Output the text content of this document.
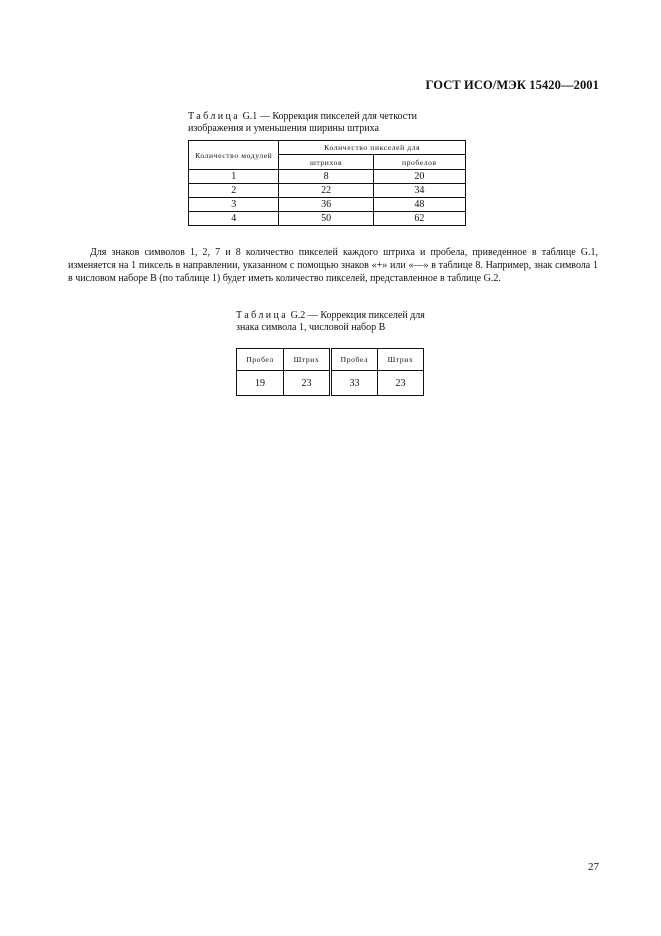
ГОСТ ИСО/МЭК 15420—2001
Таблица G.1 — Коррекция пикселей для четкости изображения и уменьшения ширины штриха
Количество модулей	Количество пикселей для	
	штрихов	пробелов
1	8	20
2	22	34
3	36	48
4	50	62
Для знаков символов 1, 2, 7 и 8 количество пикселей каждого штриха и пробела, приведенное в таблице G.1, изменяется на 1 пиксель в направлении, указанном с помощью знаков «+» или «—» в таблице 8. Например, знак символа 1 в числовом наборе В (по таблице 1) будет иметь количество пикселей, представленное в таблице G.2.
Таблица G.2 — Коррекция пикселей для знака символа 1, числовой набор В
Пробел	Штрих	Пробел	Штрих
19	23	33	23
27
